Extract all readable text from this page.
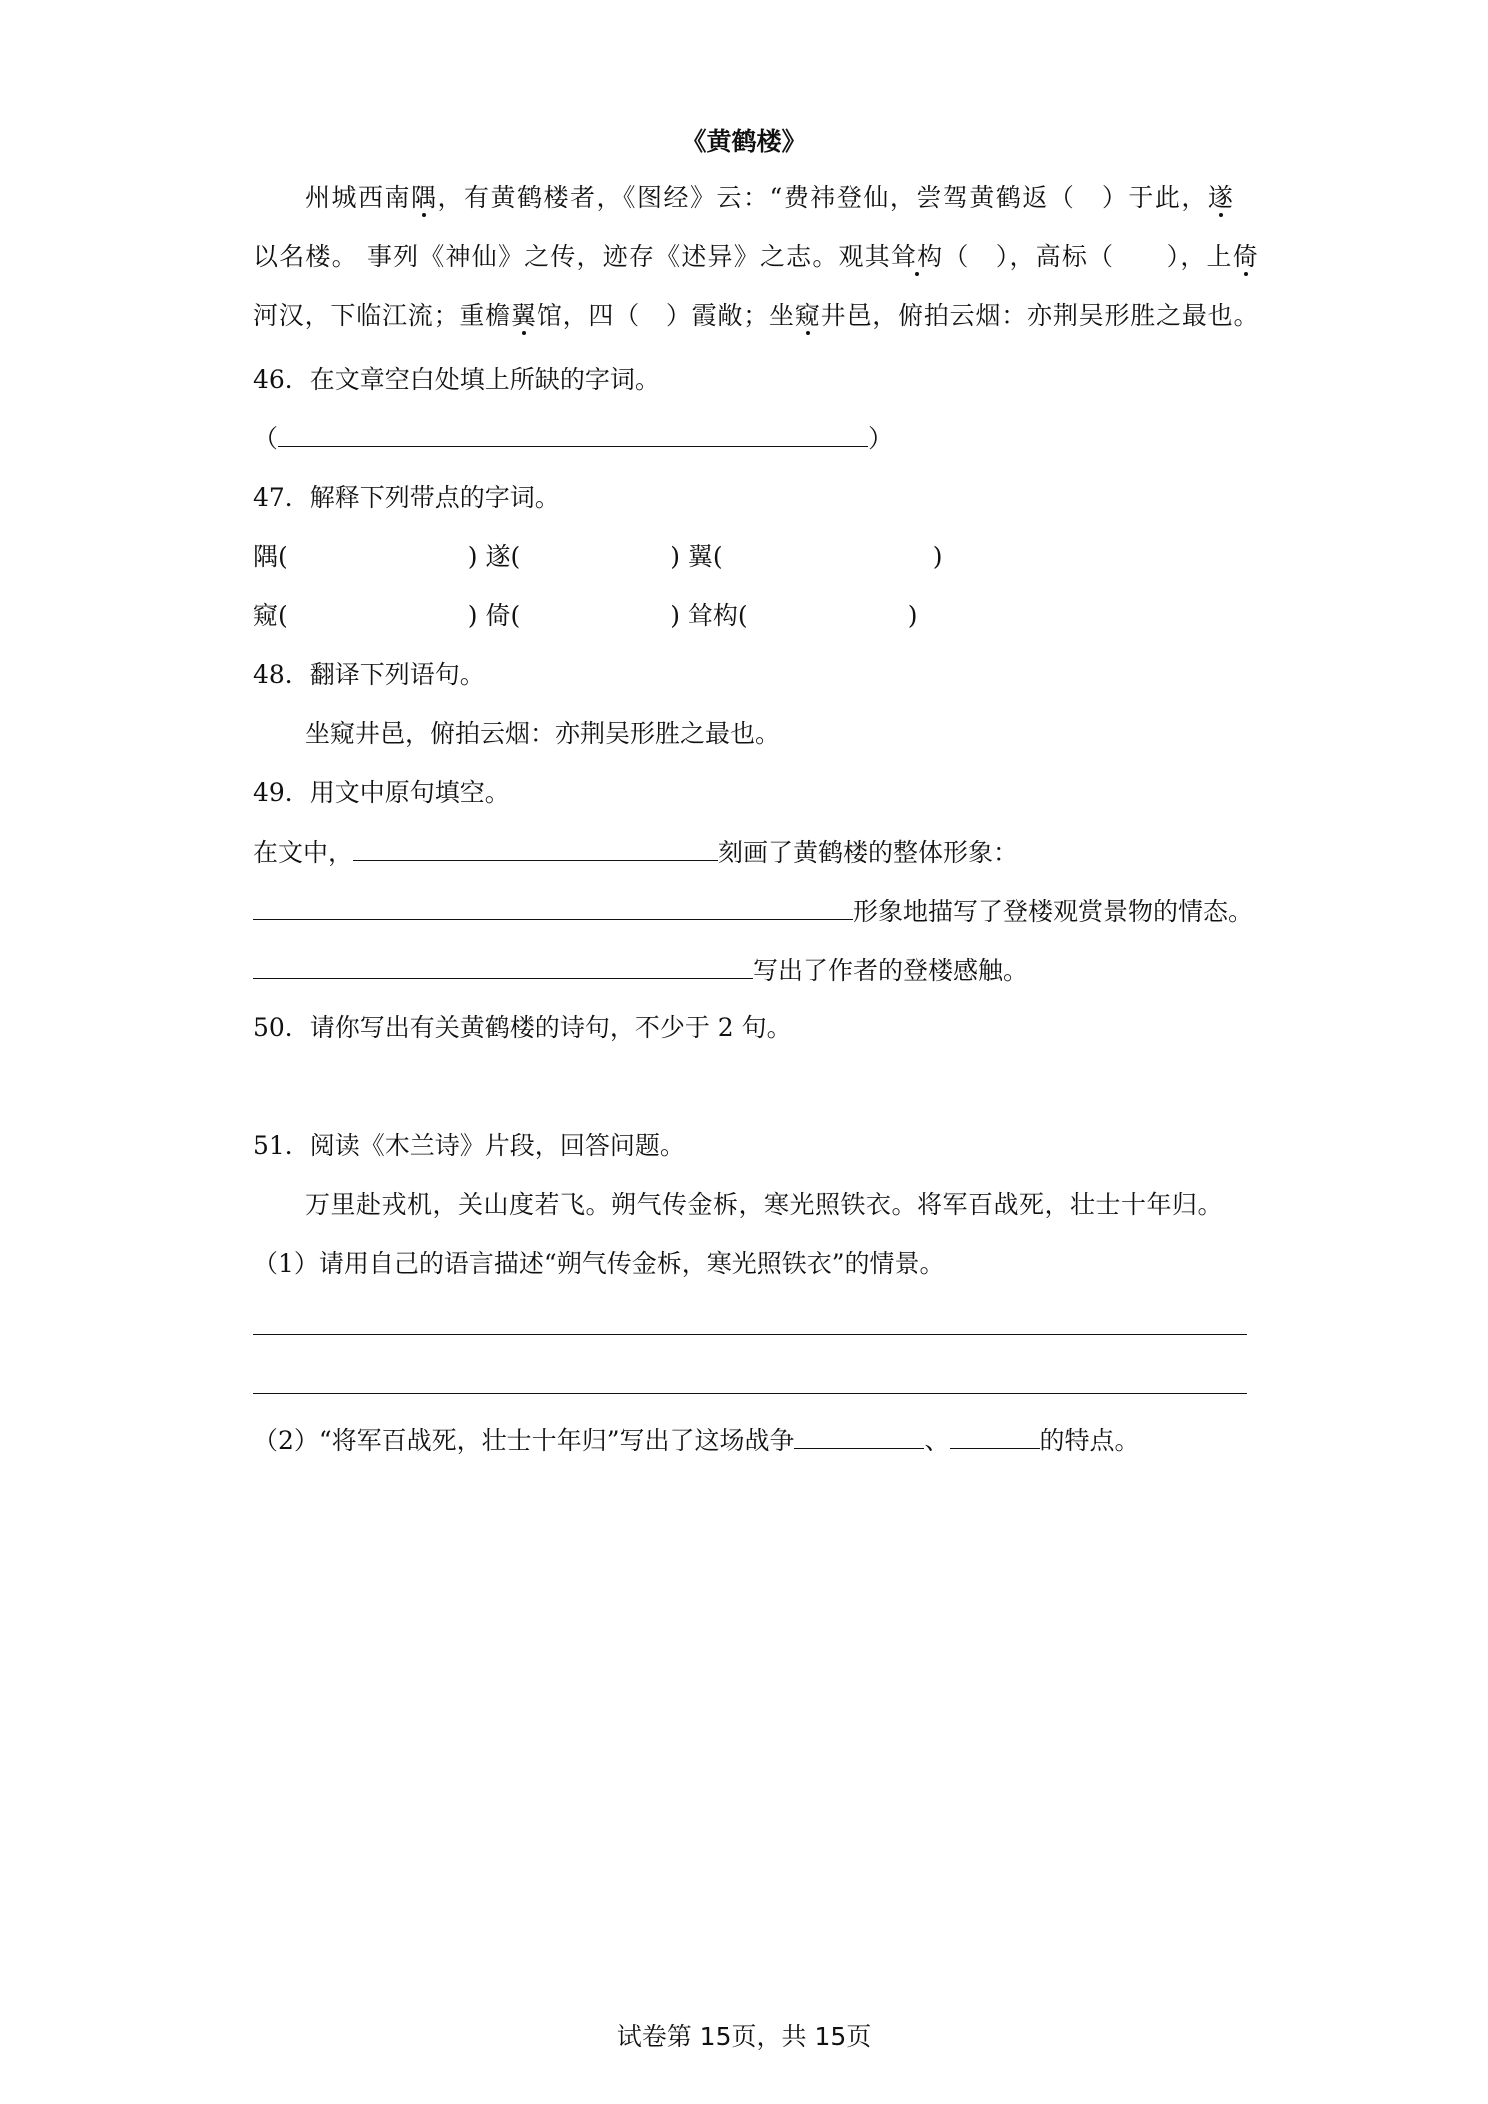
《黄鹤楼》
州城西南隅，有黄鹤楼者，《图经》云：“费祎登仙，尝驾黄鹤返（　）于此，遂
以名楼。 事列《神仙》之传，迹存《述异》之志。观其耸构（　），高标（　　），上倚
河汉，下临江流；重檐翼馆，四（　）霞敞；坐窥井邑，俯拍云烟：亦荆吴形胜之最也。
46．在文章空白处填上所缺的字词。
（	）
47．解释下列带点的字词。
隅(	) 遂(	) 翼(	)
窥(	) 倚(	) 耸构(	)
48．翻译下列语句。
坐窥井邑，俯拍云烟：亦荆吴形胜之最也。
49．用文中原句填空。
在文中，	刻画了黄鹤楼的整体形象：
形象地描写了登楼观赏景物的情态。
写出了作者的登楼感触。
50．请你写出有关黄鹤楼的诗句，不少于 2 句。
51．阅读《木兰诗》片段，回答问题。
万里赴戎机，关山度若飞。朔气传金柝，寒光照铁衣。将军百战死，壮士十年归。
（1）请用自己的语言描述“朔气传金柝，寒光照铁衣”的情景。
（2）“将军百战死，壮士十年归”写出了这场战争	、	的特点。
试卷第 15页，共 15页
